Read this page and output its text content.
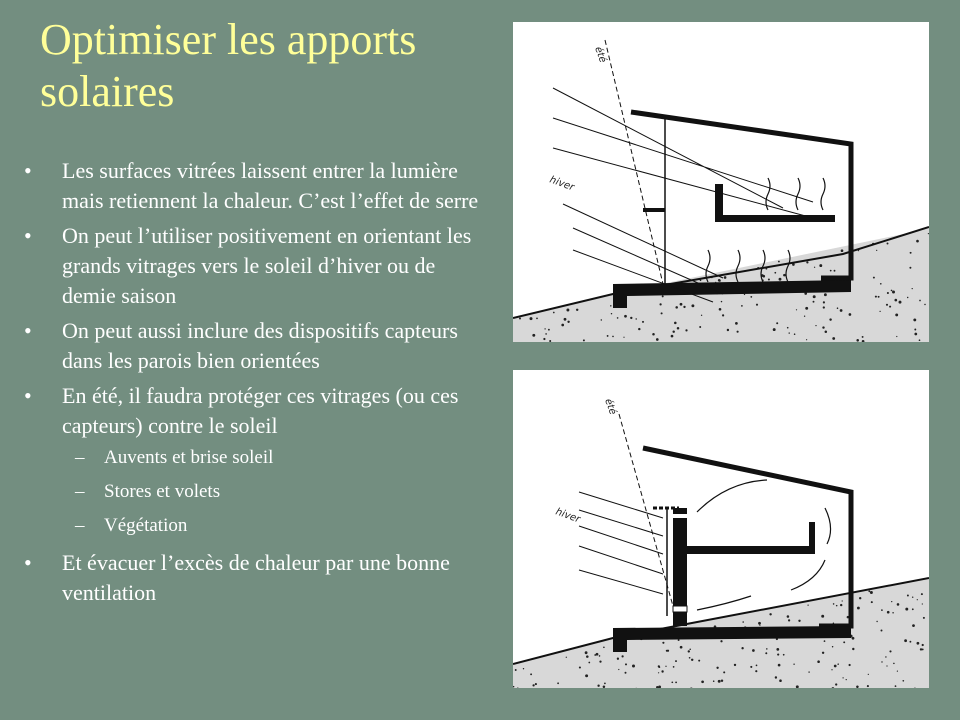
Optimiser les apports solaires
• Les surfaces vitrées laissent entrer la lumière mais retiennent la chaleur. C’est l’effet de serre
• On peut l’utiliser positivement en orientant les grands vitrages vers le soleil d’hiver ou de demie saison
• On peut aussi inclure des dispositifs capteurs dans les parois bien orientées
• En été, il faudra protéger ces vitrages (ou ces capteurs) contre le soleil
– Auvents et brise soleil
– Stores et volets
– Végétation
• Et évacuer l’excès de chaleur par une bonne ventilation
été
hiver
été
hiver
